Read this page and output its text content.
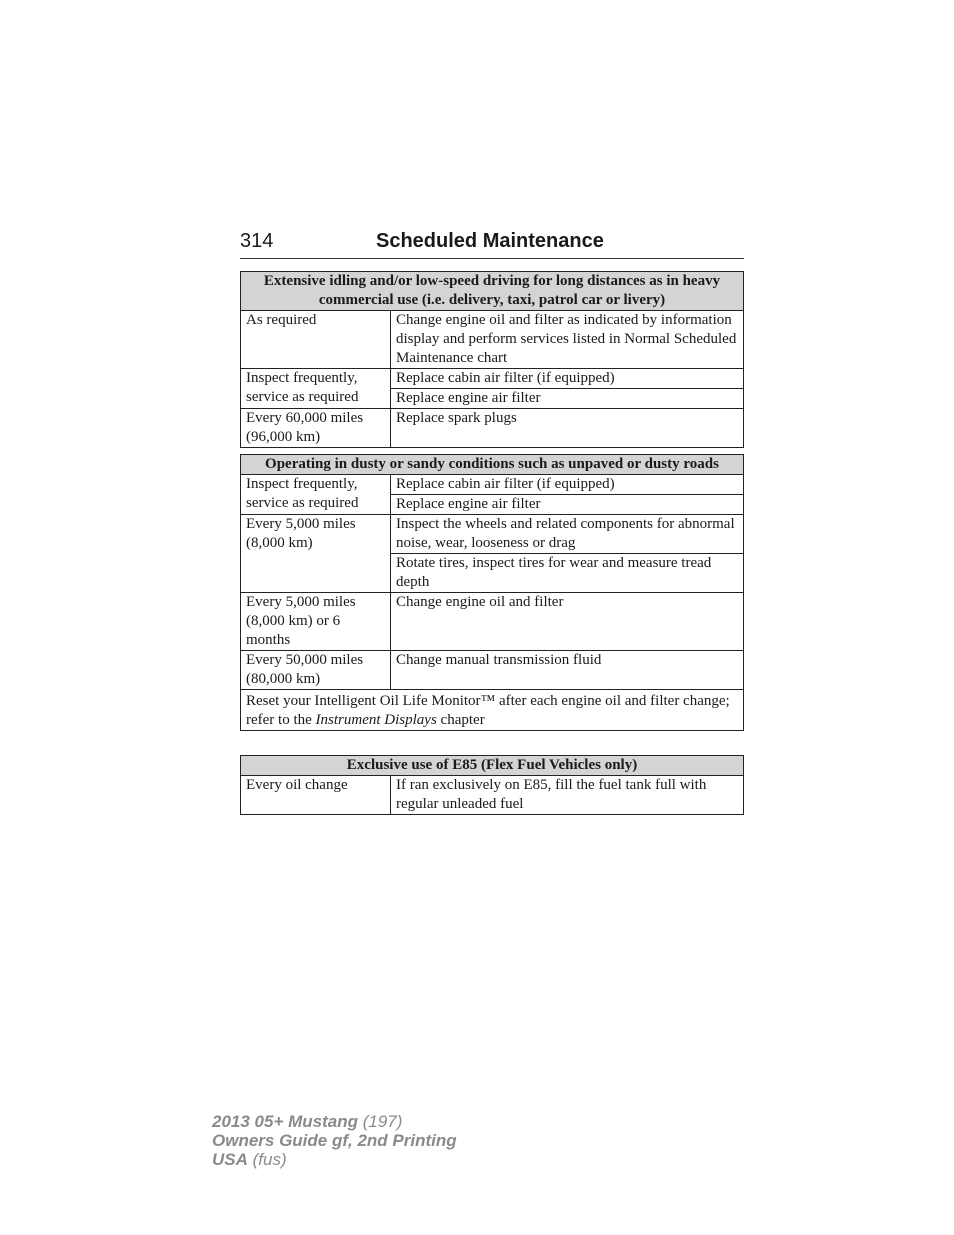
314	Scheduled Maintenance
Extensive idling and/or low-speed driving for long distances as in heavy commercial use (i.e. delivery, taxi, patrol car or livery)	
As required	Change engine oil and filter as indicated by information display and perform services listed in Normal Scheduled Maintenance chart
Inspect frequently, service as required	Replace cabin air filter (if equipped)
	Replace engine air filter
Every 60,000 miles (96,000 km)	Replace spark plugs
Operating in dusty or sandy conditions such as unpaved or dusty roads	
Inspect frequently, service as required	Replace cabin air filter (if equipped)
	Replace engine air filter
Every 5,000 miles (8,000 km)	Inspect the wheels and related components for abnormal noise, wear, looseness or drag
	Rotate tires, inspect tires for wear and measure tread depth
Every 5,000 miles (8,000 km) or 6 months	Change engine oil and filter
Every 50,000 miles (80,000 km)	Change manual transmission fluid
Reset your Intelligent Oil Life Monitor™ after each engine oil and filter change; refer to the Instrument Displays chapter	
Exclusive use of E85 (Flex Fuel Vehicles only)
Every oil change	If ran exclusively on E85, fill the fuel tank full with regular unleaded fuel
2013 05+ Mustang (197)
Owners Guide gf, 2nd Printing
USA (fus)
